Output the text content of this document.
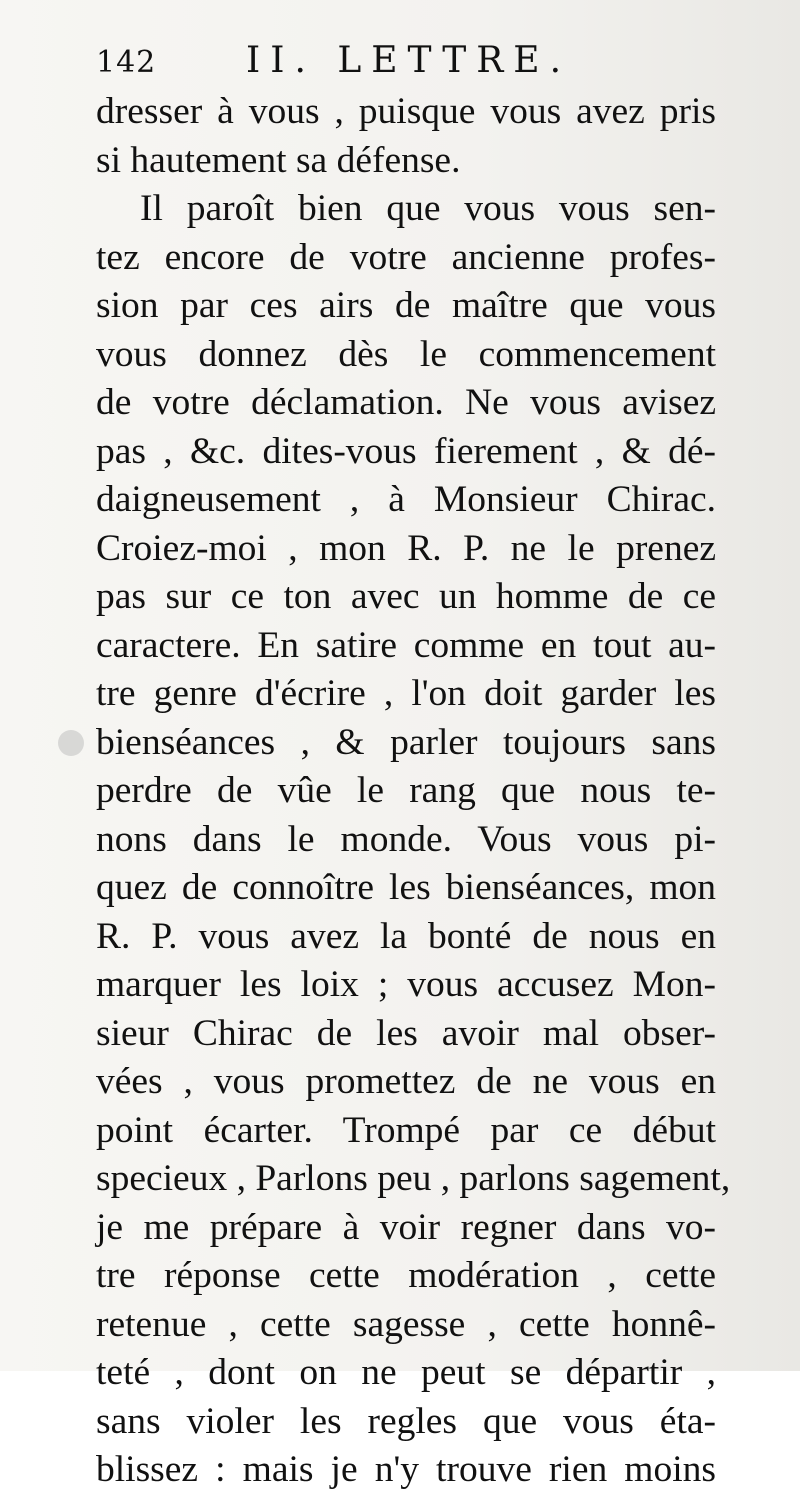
142	II. LETTRE.
dresser à vous , puisque vous avez pris
si hautement sa défense.
Il paroît bien que vous vous sen-
tez encore de votre ancienne profes-
sion par ces airs de maître que vous
vous donnez dès le commencement
de votre déclamation. Ne vous avisez
pas , &c. dites-vous fierement , & dé-
daigneusement , à Monsieur Chirac.
Croiez-moi , mon R. P. ne le prenez
pas sur ce ton avec un homme de ce
caractere. En satire comme en tout au-
tre genre d'écrire , l'on doit garder les
bienséances , & parler toujours sans
perdre de vûe le rang que nous te-
nons dans le monde. Vous vous pi-
quez de connoître les bienséances, mon
R. P. vous avez la bonté de nous en
marquer les loix ; vous accusez Mon-
sieur Chirac de les avoir mal obser-
vées , vous promettez de ne vous en
point écarter. Trompé par ce début
specieux , Parlons peu , parlons sagement,
je me prépare à voir regner dans vo-
tre réponse cette modération , cette
retenue , cette sagesse , cette honnê-
teté , dont on ne peut se départir ,
sans violer les regles que vous éta-
blissez : mais je n'y trouve rien moins
